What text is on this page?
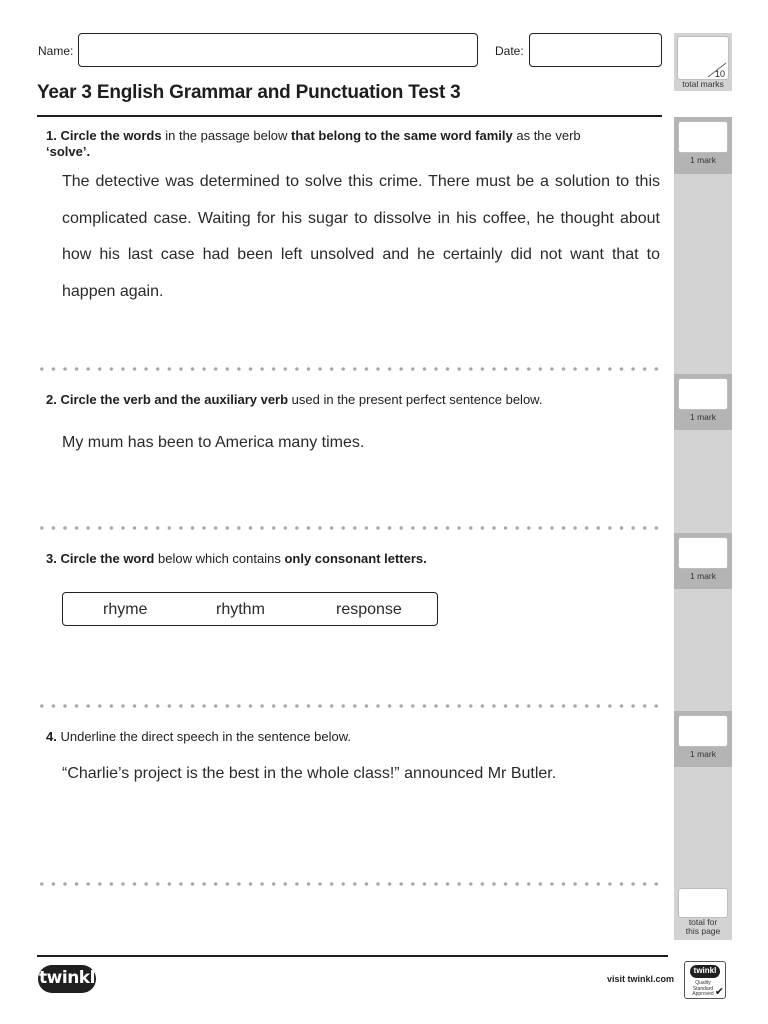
Name:	Date:
Year 3 English Grammar and Punctuation Test 3
10
total marks
1 mark
1 mark
1 mark
1 mark
total for this page
1. Circle the words in the passage below that belong to the same word family as the verb ‘solve’.
The detective was determined to solve this crime. There must be a solution to this complicated case. Waiting for his sugar to dissolve in his coffee, he thought about how his last case had been left unsolved and he certainly did not want that to happen again.
2. Circle the verb and the auxiliary verb used in the present perfect sentence below.
My mum has been to America many times.
3. Circle the word below which contains only consonant letters.
rhyme	rhythm	response
4. Underline the direct speech in the sentence below.
“Charlie’s project is the best in the whole class!” announced Mr Butler.
twinkl	visit twinkl.com
twinkl
Quality Standard Approved ✔
